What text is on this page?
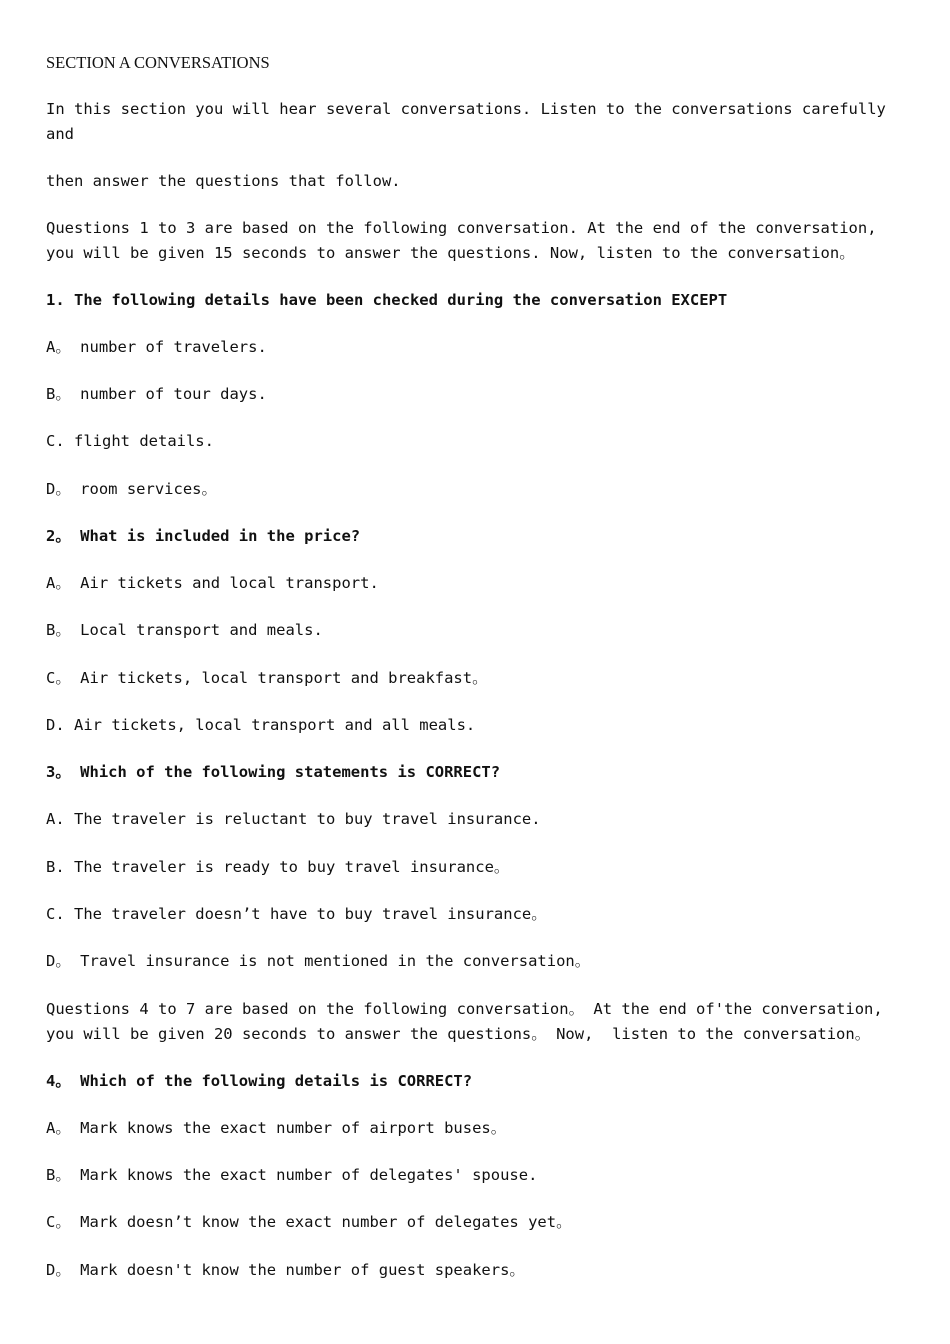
SECTION A CONVERSATIONS

In this section you will hear several conversations. Listen to the conversations carefully and

then answer the questions that follow.

Questions 1 to 3 are based on the following conversation. At the end of the conversation, you will be given 15 seconds to answer the questions. Now, listen to the conversation。

1. The following details have been checked during the conversation EXCEPT

A。 number of travelers.

B。 number of tour days.

C. flight details.

D。 room services。

2。 What is included in the price?

A。 Air tickets and local transport.

B。 Local transport and meals.

C。 Air tickets, local transport and breakfast。

D. Air tickets, local transport and all meals.

3。 Which of the following statements is CORRECT?

A. The traveler is reluctant to buy travel insurance.

B. The traveler is ready to buy travel insurance。

C. The traveler doesn’t have to buy travel insurance。

D。 Travel insurance is not mentioned in the conversation。

Questions 4 to 7 are based on the following conversation。 At the end of'the conversation, you will be given 20 seconds to answer the questions。 Now,  listen to the conversation。

4。 Which of the following details is CORRECT?

A。 Mark knows the exact number of airport buses。

B。 Mark knows the exact number of delegates' spouse.

C。 Mark doesn’t know the exact number of delegates yet。

D。 Mark doesn't know the number of guest speakers。
